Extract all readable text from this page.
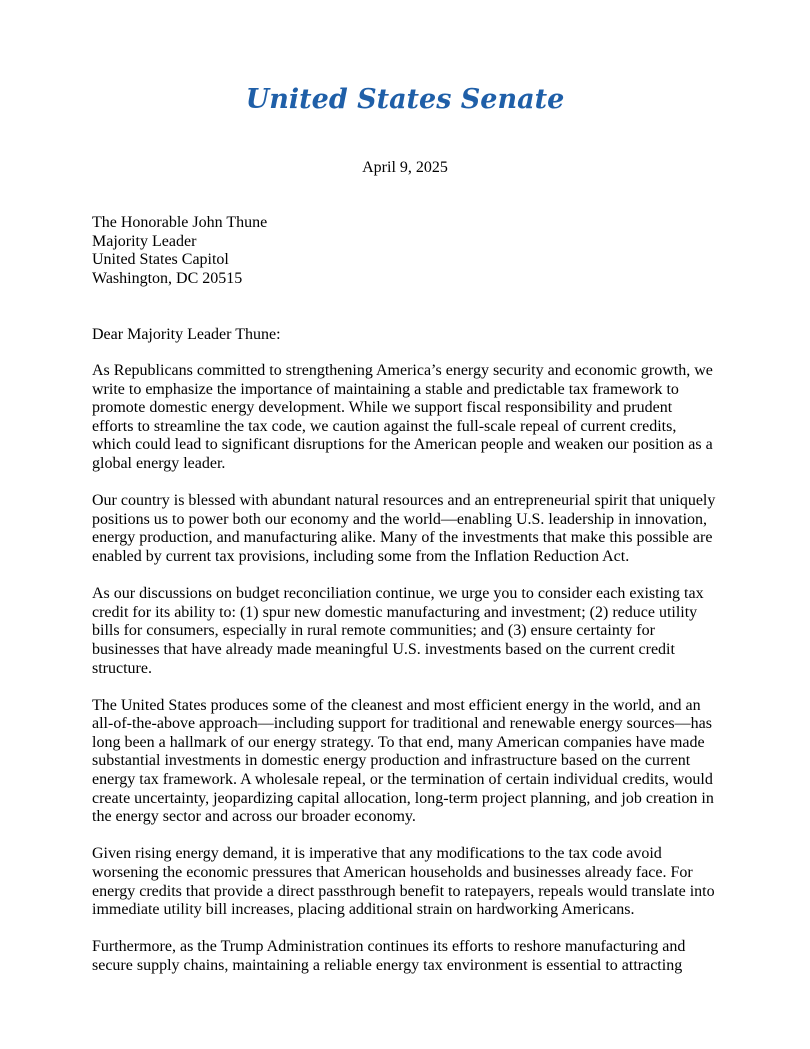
United States Senate
April 9, 2025
The Honorable John Thune
Majority Leader
United States Capitol
Washington, DC 20515
Dear Majority Leader Thune:

As Republicans committed to strengthening America’s energy security and economic growth, we
write to emphasize the importance of maintaining a stable and predictable tax framework to
promote domestic energy development. While we support fiscal responsibility and prudent
efforts to streamline the tax code, we caution against the full-scale repeal of current credits,
which could lead to significant disruptions for the American people and weaken our position as a
global energy leader.

Our country is blessed with abundant natural resources and an entrepreneurial spirit that uniquely
positions us to power both our economy and the world—enabling U.S. leadership in innovation,
energy production, and manufacturing alike. Many of the investments that make this possible are
enabled by current tax provisions, including some from the Inflation Reduction Act.

As our discussions on budget reconciliation continue, we urge you to consider each existing tax
credit for its ability to: (1) spur new domestic manufacturing and investment; (2) reduce utility
bills for consumers, especially in rural remote communities; and (3) ensure certainty for
businesses that have already made meaningful U.S. investments based on the current credit
structure.

The United States produces some of the cleanest and most efficient energy in the world, and an
all-of-the-above approach—including support for traditional and renewable energy sources—has
long been a hallmark of our energy strategy. To that end, many American companies have made
substantial investments in domestic energy production and infrastructure based on the current
energy tax framework. A wholesale repeal, or the termination of certain individual credits, would
create uncertainty, jeopardizing capital allocation, long-term project planning, and job creation in
the energy sector and across our broader economy.

Given rising energy demand, it is imperative that any modifications to the tax code avoid
worsening the economic pressures that American households and businesses already face. For
energy credits that provide a direct passthrough benefit to ratepayers, repeals would translate into
immediate utility bill increases, placing additional strain on hardworking Americans.

Furthermore, as the Trump Administration continues its efforts to reshore manufacturing and
secure supply chains, maintaining a reliable energy tax environment is essential to attracting
